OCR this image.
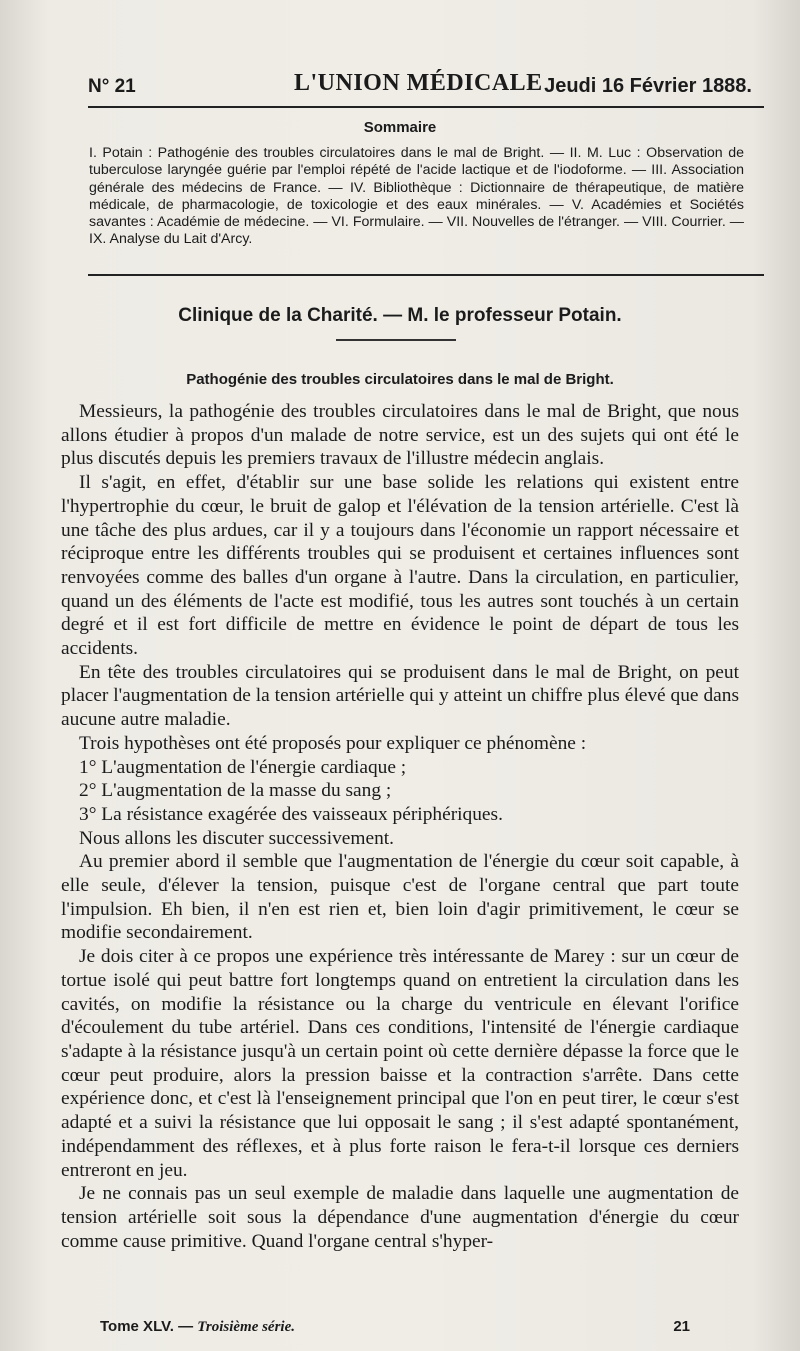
N° 21	L'UNION MÉDICALE Jeudi 16 Février 1888.
Sommaire

I. Potain : Pathogénie des troubles circulatoires dans le mal de Bright. — II. M. Luc : Observation de tuberculose laryngée guérie par l'emploi répété de l'acide lactique et de l'iodoforme. — III. Association générale des médecins de France. — IV. Bibliothèque : Dictionnaire de thérapeutique, de matière médicale, de pharmacologie, de toxicologie et des eaux minérales. — V. Académies et Sociétés savantes : Académie de médecine. — VI. Formulaire. — VII. Nouvelles de l'étranger. — VIII. Courrier. — IX. Analyse du Lait d'Arcy.

Clinique de la Charité. — M. le professeur Potain.
Pathogénie des troubles circulatoires dans le mal de Bright.

Messieurs, la pathogénie des troubles circulatoires dans le mal de Bright, que nous allons étudier à propos d'un malade de notre service, est un des sujets qui ont été le plus discutés depuis les premiers travaux de l'illustre médecin anglais.

Il s'agit, en effet, d'établir sur une base solide les relations qui existent entre l'hypertrophie du cœur, le bruit de galop et l'élévation de la tension artérielle. C'est là une tâche des plus ardues, car il y a toujours dans l'économie un rapport nécessaire et réciproque entre les différents troubles qui se produisent et certaines influences sont renvoyées comme des balles d'un organe à l'autre. Dans la circulation, en particulier, quand un des éléments de l'acte est modifié, tous les autres sont touchés à un certain degré et il est fort difficile de mettre en évidence le point de départ de tous les accidents.

En tête des troubles circulatoires qui se produisent dans le mal de Bright, on peut placer l'augmentation de la tension artérielle qui y atteint un chiffre plus élevé que dans aucune autre maladie.

Trois hypothèses ont été proposés pour expliquer ce phénomène :

1° L'augmentation de l'énergie cardiaque ;

2° L'augmentation de la masse du sang ;

3° La résistance exagérée des vaisseaux périphériques.

Nous allons les discuter successivement.

Au premier abord il semble que l'augmentation de l'énergie du cœur soit capable, à elle seule, d'élever la tension, puisque c'est de l'organe central que part toute l'impulsion. Eh bien, il n'en est rien et, bien loin d'agir primitivement, le cœur se modifie secondairement.

Je dois citer à ce propos une expérience très intéressante de Marey : sur un cœur de tortue isolé qui peut battre fort longtemps quand on entretient la circulation dans les cavités, on modifie la résistance ou la charge du ventricule en élevant l'orifice d'écoulement du tube artériel. Dans ces conditions, l'intensité de l'énergie cardiaque s'adapte à la résistance jusqu'à un certain point où cette dernière dépasse la force que le cœur peut produire, alors la pression baisse et la contraction s'arrête. Dans cette expérience donc, et c'est là l'enseignement principal que l'on en peut tirer, le cœur s'est adapté et a suivi la résistance que lui opposait le sang ; il s'est adapté spontanément, indépendamment des réflexes, et à plus forte raison le fera-t-il lorsque ces derniers entreront en jeu.

Je ne connais pas un seul exemple de maladie dans laquelle une augmentation de tension artérielle soit sous la dépendance d'une augmentation d'énergie du cœur comme cause primitive. Quand l'organe central s'hyper-

Tome XLV. — Troisième série.	21
